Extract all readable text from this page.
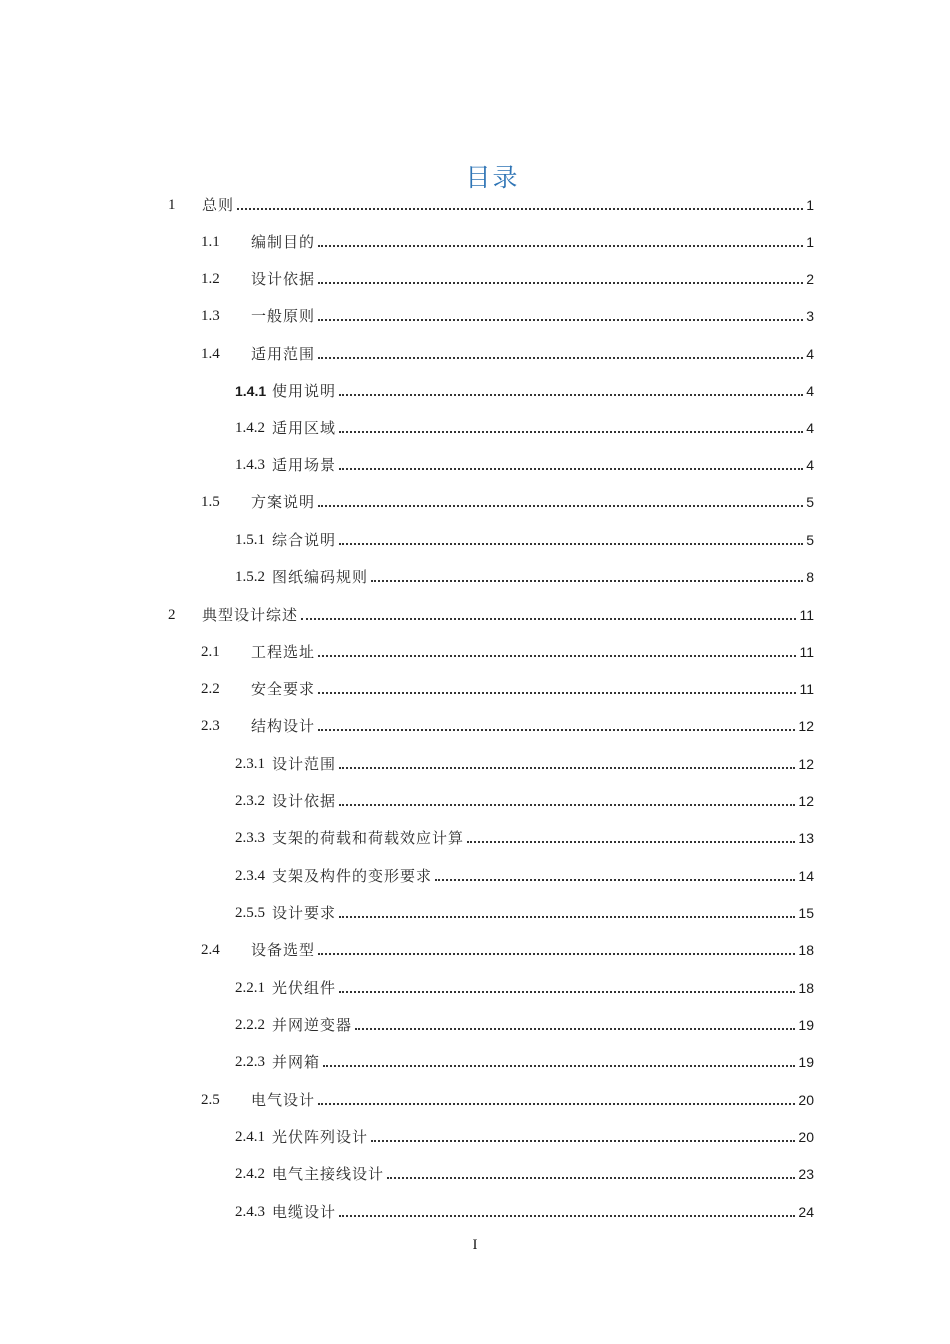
目录
1 总则	1
1.1 编制目的	1
1.2 设计依据	2
1.3 一般原则	3
1.4 适用范围	4
1.4.1 使用说明	4
1.4.2 适用区域	4
1.4.3 适用场景	4
1.5 方案说明	5
1.5.1 综合说明	5
1.5.2 图纸编码规则	8
2 典型设计综述	11
2.1 工程选址	11
2.2 安全要求	11
2.3 结构设计	12
2.3.1 设计范围	12
2.3.2 设计依据	12
2.3.3 支架的荷载和荷载效应计算	13
2.3.4 支架及构件的变形要求	14
2.5.5 设计要求	15
2.4 设备选型	18
2.2.1 光伏组件	18
2.2.2 并网逆变器	19
2.2.3 并网箱	19
2.5 电气设计	20
2.4.1 光伏阵列设计	20
2.4.2 电气主接线设计	23
2.4.3 电缆设计	24
I
